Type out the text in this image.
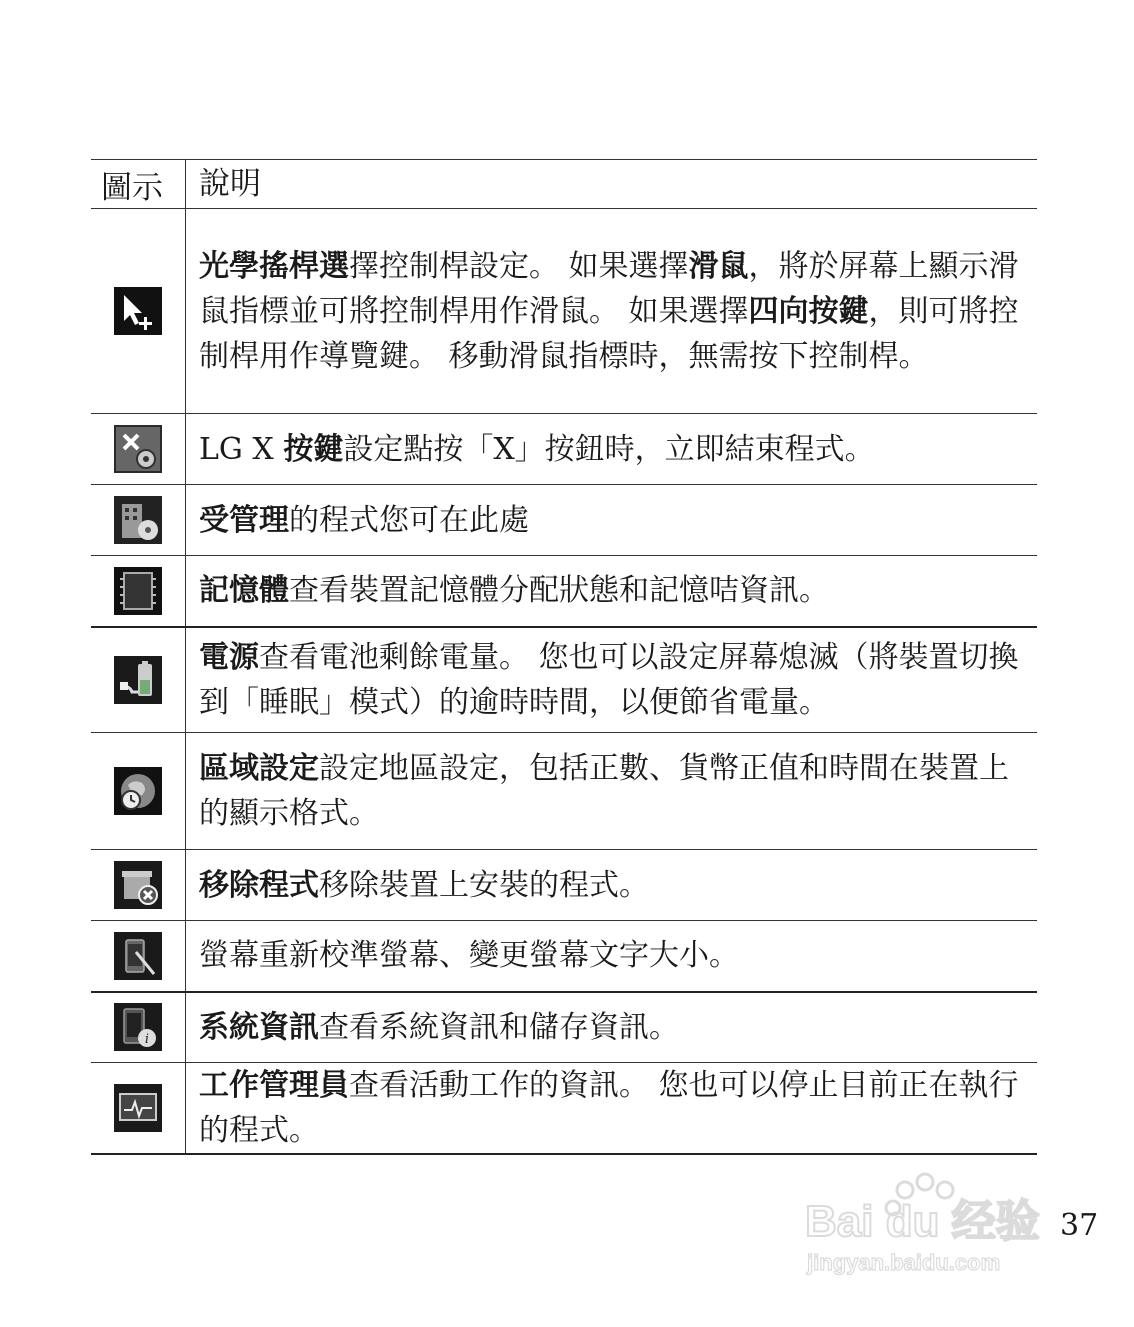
圖示	說明

	光學搖桿選擇控制桿設定。 如果選擇滑鼠，將於屏幕上顯示滑鼠指標並可將控制桿用作滑鼠。 如果選擇四向按鍵，則可將控制桿用作導覽鍵。 移動滑鼠指標時，無需按下控制桿。

	LG X 按鍵設定點按「X」按鈕時，立即結束程式。

	受管理的程式您可在此處

	記憶體查看裝置記憶體分配狀態和記憶咭資訊。

	電源查看電池剩餘電量。 您也可以設定屏幕熄滅（將裝置切換到「睡眠」模式）的逾時時間，以便節省電量。

	區域設定設定地區設定，包括正數、貨幣正值和時間在裝置上的顯示格式。

	移除程式移除裝置上安裝的程式。

	螢幕重新校準螢幕、變更螢幕文字大小。

i	系統資訊查看系統資訊和儲存資訊。

	工作管理員查看活動工作的資訊。 您也可以停止目前正在執行的程式。
Bai du 经验
jingyan.baidu.com
37
